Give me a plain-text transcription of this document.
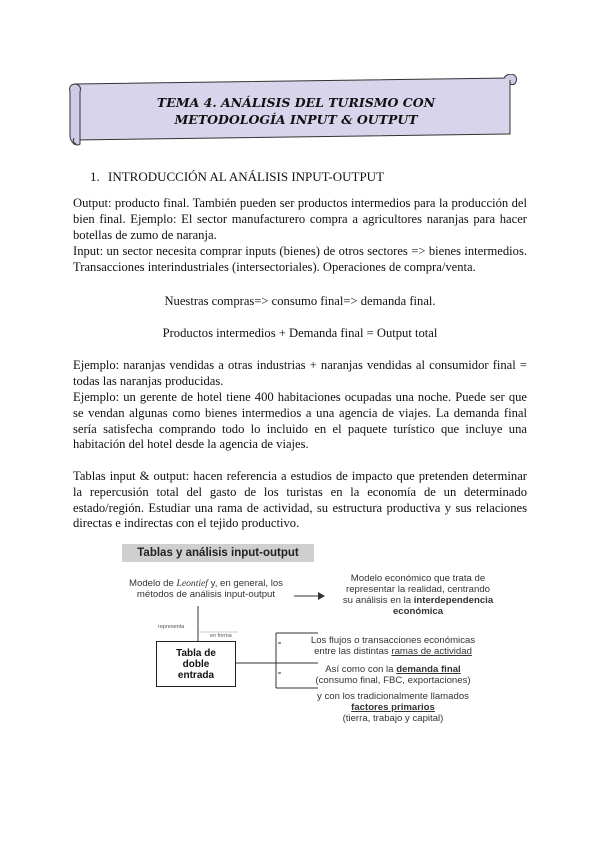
TEMA 4. ANÁLISIS DEL TURISMO CON
METODOLOGÍA INPUT & OUTPUT
1. INTRODUCCIÓN AL ANÁLISIS INPUT-OUTPUT
Output: producto final. También pueden ser productos intermedios para la producción del bien final. Ejemplo: El sector manufacturero compra a agricultores naranjas para hacer botellas de zumo de naranja.
Input: un sector necesita comprar inputs (bienes) de otros sectores => bienes intermedios. Transacciones interindustriales (intersectoriales). Operaciones de compra/venta.
Nuestras compras=> consumo final=> demanda final.
Productos intermedios + Demanda final = Output total
Ejemplo: naranjas vendidas a otras industrias + naranjas vendidas al consumidor final = todas las naranjas producidas.
Ejemplo: un gerente de hotel tiene 400 habitaciones ocupadas una noche. Puede ser que se vendan algunas como bienes intermedios a una agencia de viajes. La demanda final sería satisfecha comprando todo lo incluido en el paquete turístico que incluye una habitación del hotel desde la agencia de viajes.
Tablas input & output: hacen referencia a estudios de impacto que pretenden determinar la repercusión total del gasto de los turistas en la economía de un determinado estado/región. Estudiar una rama de actividad, su estructura productiva y sus relaciones directas e indirectas con el tejido productivo.
Tablas y análisis input-output
Modelo de Leontief y, en general, los
métodos de análisis input-output
Modelo económico que trata de
representar la realidad, centrando
su análisis en la interdependencia
económica
representa
en forma
Tabla de
doble
entrada
Los flujos o transacciones económicas
entre las distintas ramas de actividad
Así como con la demanda final
(consumo final, FBC, exportaciones)
y con los tradicionalmente llamados
factores primarios
(tierra, trabajo y capital)
